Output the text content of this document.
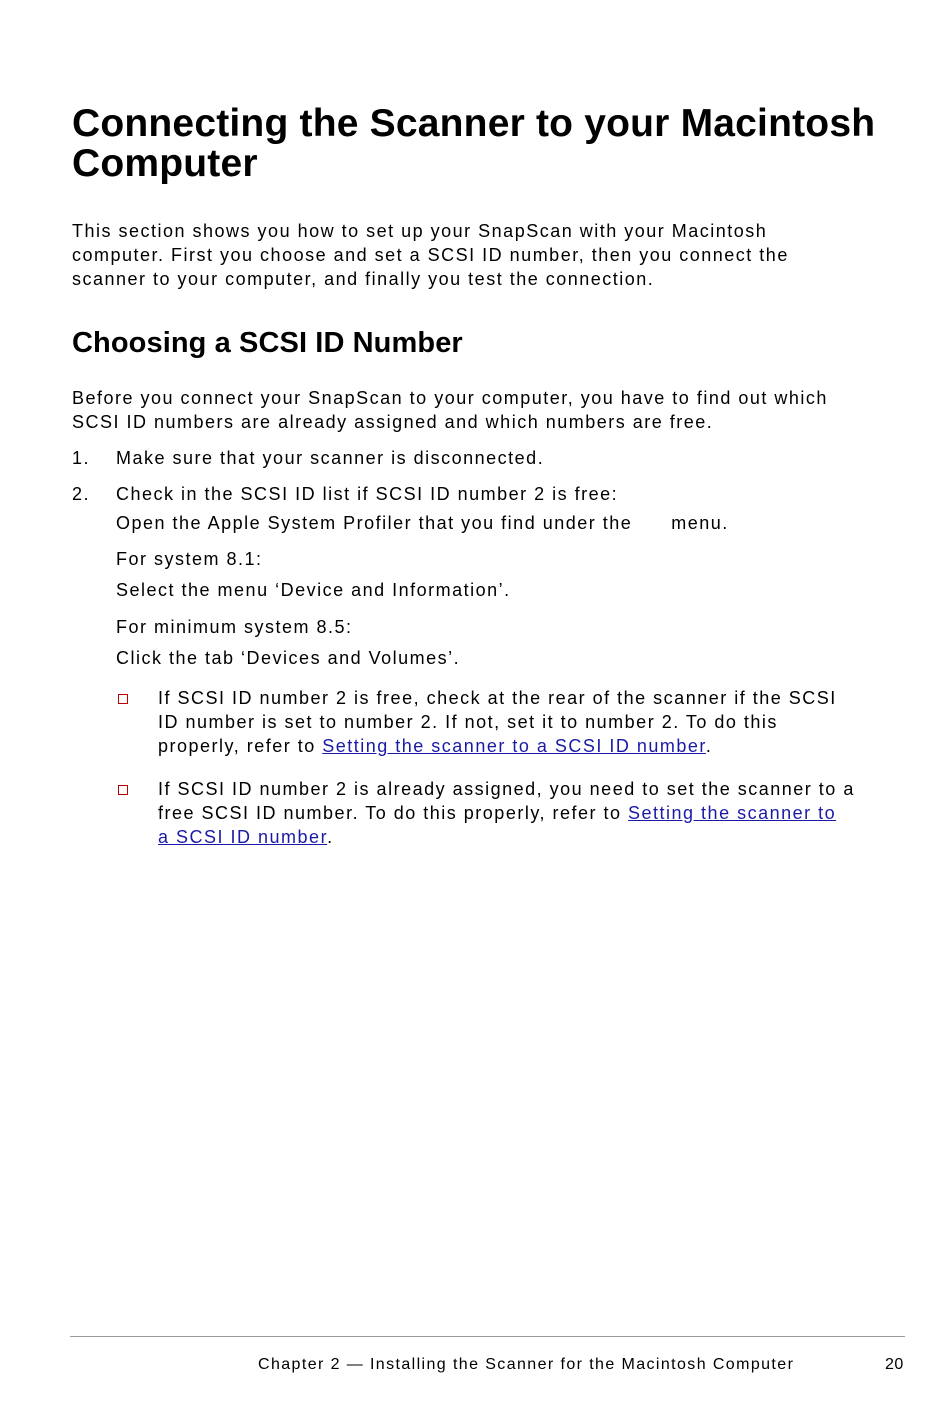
Connecting the Scanner to your Macintosh
Computer

This section shows you how to set up your SnapScan with your Macintosh
computer. First you choose and set a SCSI ID number, then you connect the
scanner to your computer, and finally you test the connection.

Choosing a SCSI ID Number

Before you connect your SnapScan to your computer, you have to find out which
SCSI ID numbers are already assigned and which numbers are free.

1. Make sure that your scanner is disconnected.
2. Check in the SCSI ID list if SCSI ID number 2 is free:
Open the Apple System Profiler that you find under the      menu.
For system 8.1:
Select the menu ‘Device and Information’.
For minimum system 8.5:
Click the tab ‘Devices and Volumes’.
If SCSI ID number 2 is free, check at the rear of the scanner if the SCSI
ID number is set to number 2. If not, set it to number 2. To do this
properly, refer to Setting the scanner to a SCSI ID number.
If SCSI ID number 2 is already assigned, you need to set the scanner to a
free SCSI ID number. To do this properly, refer to Setting the scanner to
a SCSI ID number.
Chapter 2 — Installing the Scanner for the Macintosh Computer	20
